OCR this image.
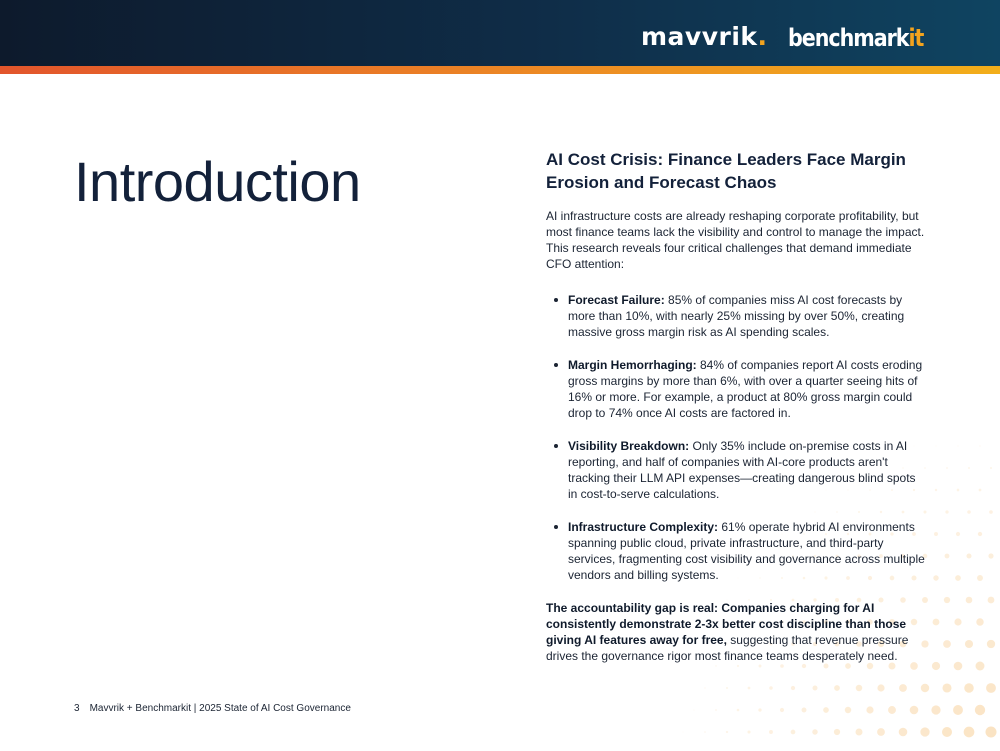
mavvrik. benchmarkit
Introduction	AI Cost Crisis: Finance Leaders Face Margin Erosion and Forecast Chaos

AI infrastructure costs are already reshaping corporate profitability, but most finance teams lack the visibility and control to manage the impact. This research reveals four critical challenges that demand immediate CFO attention:

Forecast Failure: 85% of companies miss AI cost forecasts by more than 10%, with nearly 25% missing by over 50%, creating massive gross margin risk as AI spending scales.
Margin Hemorrhaging: 84% of companies report AI costs eroding gross margins by more than 6%, with over a quarter seeing hits of 16% or more. For example, a product at 80% gross margin could drop to 74% once AI costs are factored in.
Visibility Breakdown: Only 35% include on-premise costs in AI reporting, and half of companies with AI-core products aren't tracking their LLM API expenses—creating dangerous blind spots in cost-to-serve calculations.
Infrastructure Complexity: 61% operate hybrid AI environments spanning public cloud, private infrastructure, and third-party services, fragmenting cost visibility and governance across multiple vendors and billing systems.

The accountability gap is real: Companies charging for AI consistently demonstrate 2-3x better cost discipline than those giving AI features away for free, suggesting that revenue pressure drives the governance rigor most finance teams desperately need.

3 Mavvrik + Benchmarkit | 2025 State of AI Cost Governance
